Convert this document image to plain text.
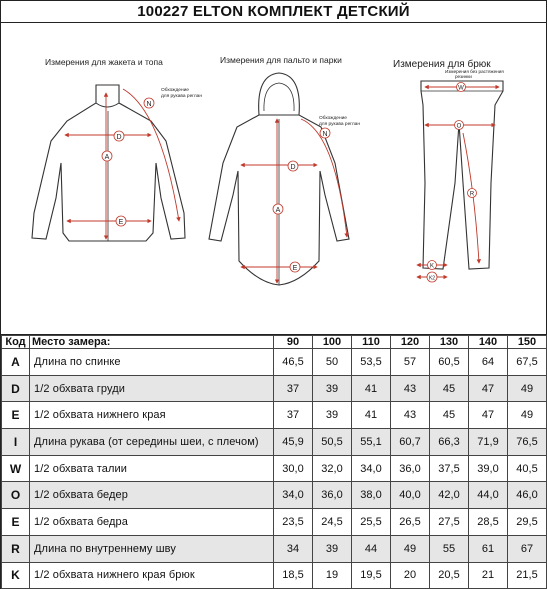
100227 ELTON КОМПЛЕКТ ДЕТСКИЙ
Измерения для жакета и топа
N
D
A
E
Обхождение
для рукава реглан
Измерения для пальто и парки
N
D
A
E
Обхождение
для рукава реглан
Измерения для брюк
W
O
R
K
K2
Измерения без растяжения
резинки
Код	Место замера:	90	100	110	120	130	140	150
A	Длина по спинке	46,5	50	53,5	57	60,5	64	67,5
D	1/2 обхвата груди	37	39	41	43	45	47	49
E	1/2 обхвата нижнего края	37	39	41	43	45	47	49
I	Длина рукава (от середины шеи, с плечом)	45,9	50,5	55,1	60,7	66,3	71,9	76,5
W	1/2 обхвата талии	30,0	32,0	34,0	36,0	37,5	39,0	40,5
O	1/2 обхвата бедер	34,0	36,0	38,0	40,0	42,0	44,0	46,0
E	1/2 обхвата бедра	23,5	24,5	25,5	26,5	27,5	28,5	29,5
R	Длина по внутреннему шву	34	39	44	49	55	61	67
K	1/2 обхвата нижнего края брюк	18,5	19	19,5	20	20,5	21	21,5
